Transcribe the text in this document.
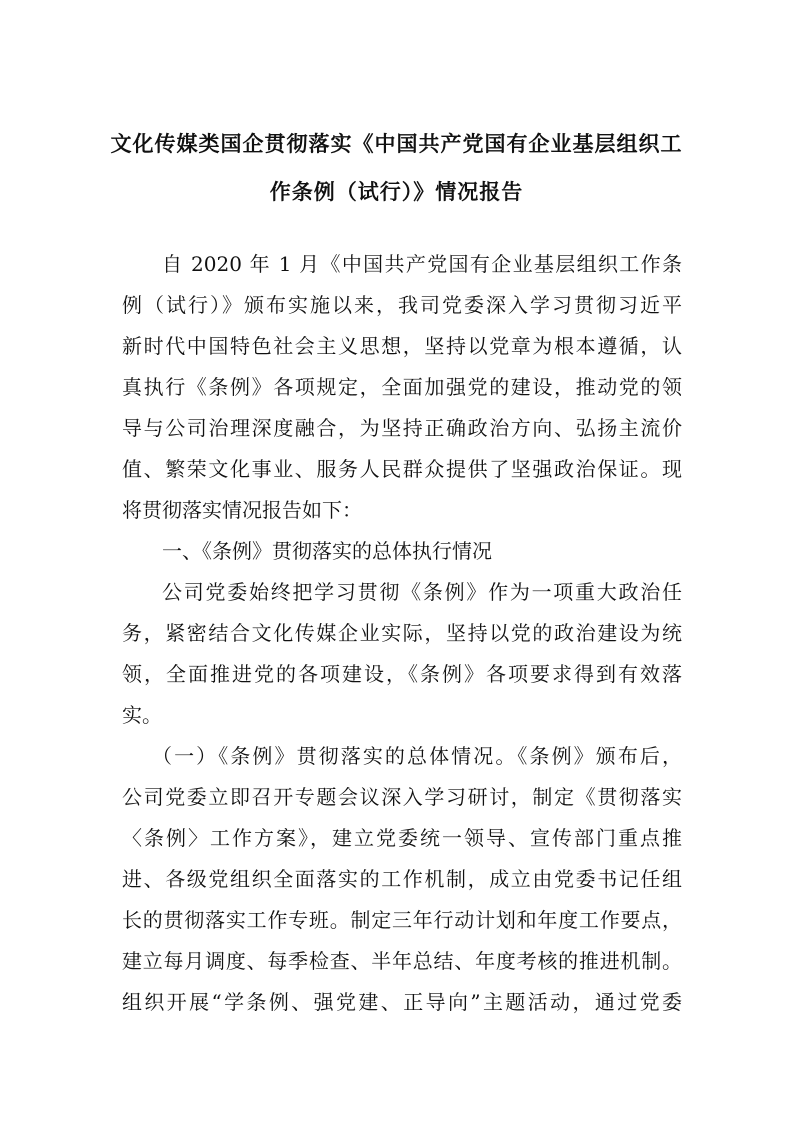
文化传媒类国企贯彻落实《中国共产党国有企业基层组织工
作条例（试行）》情况报告
自 2020 年 1 月《中国共产党国有企业基层组织工作条
例（试行）》颁布实施以来，我司党委深入学习贯彻习近平
新时代中国特色社会主义思想，坚持以党章为根本遵循，认
真执行《条例》各项规定，全面加强党的建设，推动党的领
导与公司治理深度融合，为坚持正确政治方向、弘扬主流价
值、繁荣文化事业、服务人民群众提供了坚强政治保证。现
将贯彻落实情况报告如下：
一、《条例》贯彻落实的总体执行情况
公司党委始终把学习贯彻《条例》作为一项重大政治任
务，紧密结合文化传媒企业实际，坚持以党的政治建设为统
领，全面推进党的各项建设，《条例》各项要求得到有效落
实。
（一）《条例》贯彻落实的总体情况。《条例》颁布后，
公司党委立即召开专题会议深入学习研讨，制定《贯彻落实
〈条例〉工作方案》，建立党委统一领导、宣传部门重点推
进、各级党组织全面落实的工作机制，成立由党委书记任组
长的贯彻落实工作专班。制定三年行动计划和年度工作要点，
建立每月调度、每季检查、半年总结、年度考核的推进机制。
组织开展“学条例、强党建、正导向”主题活动，通过党委
